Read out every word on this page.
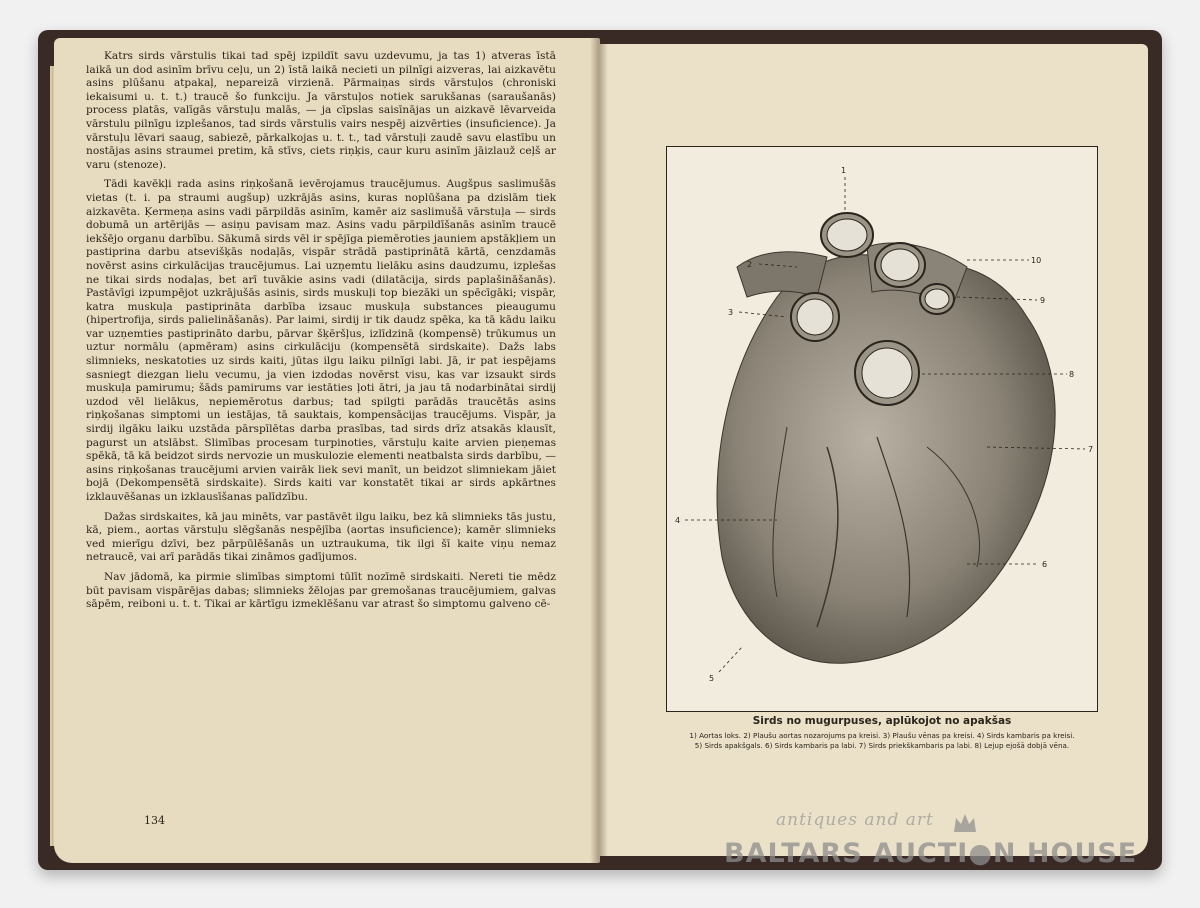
Katrs sirds vārstulis tikai tad spēj izpildīt savu uzdevumu, ja tas 1) atveras īstā laikā un dod asinīm brīvu ceļu, un 2) īstā laikā necieti un pilnīgi aizveras, lai aizkavētu asins plūšanu atpakaļ, nepareizā virzienā. Pārmaiņas sirds vārstuļos (chroniski iekaisumi u. t. t.) traucē šo funkciju. Ja vārstuļos notiek sarukšanas (saraušanās) process platās, valīgās vārstuļu malās, — ja cīpslas saisīnājas un aizkavē lēvarveida vārstulu pilnīgu izplešanos, tad sirds vārstulis vairs nespēj aizvērties (insuficience). Ja vārstuļu lēvari saaug, sabiezē, pārkalkojas u. t. t., tad vārstuļi zaudē savu elastību un nostājas asins straumei pretim, kā stīvs, ciets riņķis, caur kuru asinīm jāizlauž ceļš ar varu (stenoze).

Tādi kavēkļi rada asins riņķošanā ievērojamus traucējumus. Augšpus saslimušās vietas (t. i. pa straumi augšup) uzkrājās asins, kuras noplūšana pa dzislām tiek aizkavēta. Ķermeņa asins vadi pārpildās asinīm, kamēr aiz saslimušā vārstuļa — sirds dobumā un artērijās — asiņu pavisam maz. Asins vadu pārpildīšanās asinīm traucē iekšējo organu darbību. Sākumā sirds vēl ir spējīga piemēroties jauniem apstākļiem un pastiprina darbu atsevišķās nodaļās, vispār strādā pastiprinātā kārtā, cenzdamās novērst asins cirkulācijas traucējumus. Lai uzņemtu lielāku asins daudzumu, izplešas ne tikai sirds nodaļas, bet arī tuvākie asins vadi (dilatācija, sirds paplašināšanās). Pastāvīgi izpumpējot uzkrājušās asinis, sirds muskuļi top biezāki un spēcīgāki; vispār, katra muskuļa pastiprināta darbība izsauc muskuļa substances pieaugumu (hipertrofija, sirds palielināšanās). Par laimi, sirdij ir tik daudz spēka, ka tā kādu laiku var uzņemties pastiprināto darbu, pārvar šķēršļus, izlīdzinā (kompensē) trūkumus un uztur normālu (apmēram) asins cirkulāciju (kompensētā sirdskaite). Dažs labs slimnieks, neskatoties uz sirds kaiti, jūtas ilgu laiku pilnīgi labi. Jā, ir pat iespējams sasniegt diezgan lielu vecumu, ja vien izdodas novērst visu, kas var izsaukt sirds muskuļa pamirumu; šāds pamirums var iestāties ļoti ātri, ja jau tā nodarbinātai sirdij uzdod vēl lielākus, nepiemērotus darbus; tad spilgti parādās traucētās asins riņķošanas simptomi un iestājas, tā sauktais, kompensācijas traucējums. Vispār, ja sirdij ilgāku laiku uzstāda pārspīlētas darba prasības, tad sirds drīz atsakās klausīt, pagurst un atslābst. Slimības procesam turpinoties, vārstuļu kaite arvien pieņemas spēkā, tā kā beidzot sirds nervozie un muskulozie elementi neatbalsta sirds darbību, — asins riņķošanas traucējumi arvien vairāk liek sevi manīt, un beidzot slimniekam jāiet bojā (Dekompensētā sirdskaite). Sirds kaiti var konstatēt tikai ar sirds apkārtnes izklauvēšanas un izklausīšanas palīdzību.

Dažas sirdskaites, kā jau minēts, var pastāvēt ilgu laiku, bez kā slimnieks tās justu, kā, piem., aortas vārstuļu slēgšanās nespējība (aortas insuficience); kamēr slimnieks ved mierīgu dzīvi, bez pārpūlēšanās un uztraukuma, tik ilgi šī kaite viņu nemaz netraucē, vai arī parādās tikai zināmos gadījumos.

Nav jādomā, ka pirmie slimības simptomi tūlīt nozīmē sirdskaiti. Nereti tie mēdz būt pavisam vispārējas dabas; slimnieks žēlojas par gremošanas traucējumiem, galvas sāpēm, reiboni u. t. t. Tikai ar kārtīgu izmeklēšanu var atrast šo simptomu galveno cē-

134
1
2
3
4
5
6
7
8
9
10
Sirds no mugurpuses, aplūkojot no apakšas
1) Aortas loks. 2) Plaušu aortas nozarojums pa kreisi. 3) Plaušu vēnas pa kreisi. 4) Sirds kambaris pa kreisi.
5) Sirds apakšgals. 6) Sirds kambaris pa labi. 7) Sirds priekškambaris pa labi. 8) Lejup ejošā dobjā vēna.
antiques and art
BALTARS AUCTI●N HOUSE
